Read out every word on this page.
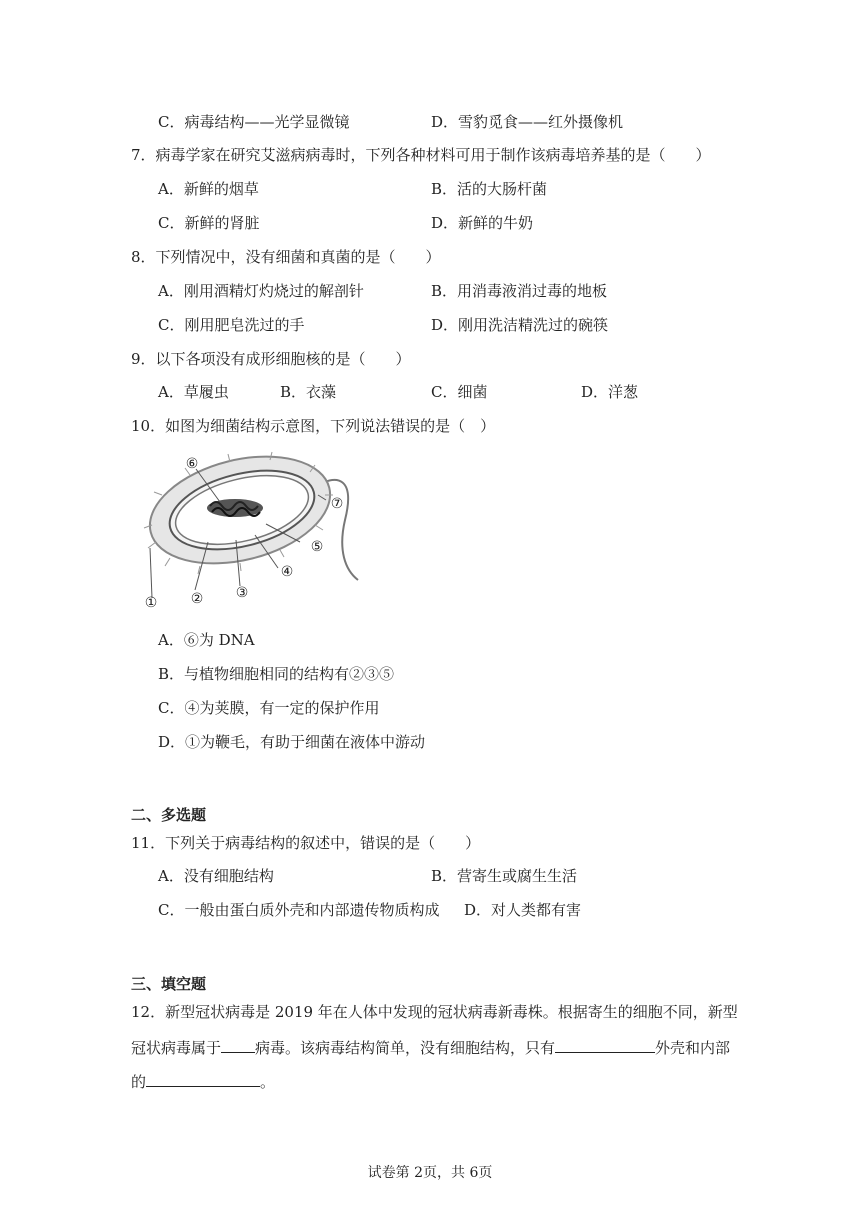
C．病毒结构——光学显微镜	D．雪豹觅食——红外摄像机
7．病毒学家在研究艾滋病病毒时，下列各种材料可用于制作该病毒培养基的是（　　）
A．新鲜的烟草	B．活的大肠杆菌
C．新鲜的肾脏	D．新鲜的牛奶
8．下列情况中，没有细菌和真菌的是（　　）
A．刚用酒精灯灼烧过的解剖针	B．用消毒液消过毒的地板
C．刚用肥皂洗过的手	D．刚用洗洁精洗过的碗筷
9．以下各项没有成形细胞核的是（　　）
A．草履虫	B．衣藻	C．细菌	D．洋葱
10．如图为细菌结构示意图，下列说法错误的是（　）
⑥
⑦
⑤
④
③
②
①
A．⑥为 DNA
B．与植物细胞相同的结构有②③⑤
C．④为荚膜，有一定的保护作用
D．①为鞭毛，有助于细菌在液体中游动
二、多选题
11．下列关于病毒结构的叙述中，错误的是（　　）
A．没有细胞结构	B．营寄生或腐生生活
C．一般由蛋白质外壳和内部遗传物质构成 D．对人类都有害
三、填空题
12．新型冠状病毒是 2019 年在人体中发现的冠状病毒新毒株。根据寄生的细胞不同，新型
冠状病毒属于 病毒。该病毒结构简单，没有细胞结构，只有	外壳和内部
的	。
试卷第 2页，共 6页
